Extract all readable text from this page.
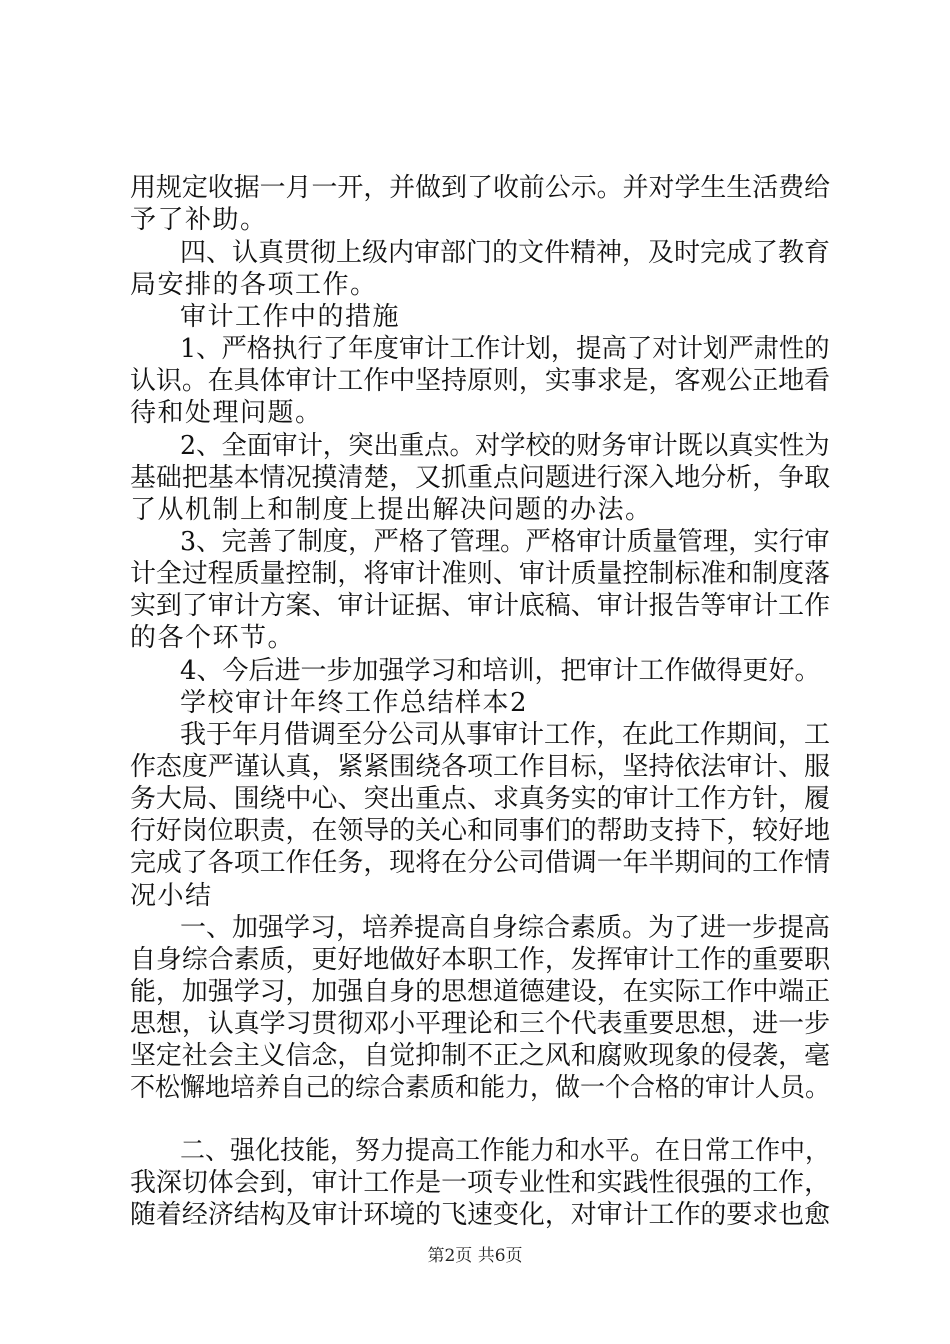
用规定收据一月一开，并做到了收前公示。并对学生生活费给
予了补助。
四、认真贯彻上级内审部门的文件精神，及时完成了教育
局安排的各项工作。
审计工作中的措施
1、严格执行了年度审计工作计划，提高了对计划严肃性的
认识。在具体审计工作中坚持原则，实事求是，客观公正地看
待和处理问题。
2、全面审计，突出重点。对学校的财务审计既以真实性为
基础把基本情况摸清楚，又抓重点问题进行深入地分析，争取
了从机制上和制度上提出解决问题的办法。
3、完善了制度，严格了管理。严格审计质量管理，实行审
计全过程质量控制，将审计准则、审计质量控制标准和制度落
实到了审计方案、审计证据、审计底稿、审计报告等审计工作
的各个环节。
4、今后进一步加强学习和培训，把审计工作做得更好。
学校审计年终工作总结样本2
我于年月借调至分公司从事审计工作，在此工作期间，工
作态度严谨认真，紧紧围绕各项工作目标，坚持依法审计、服
务大局、围绕中心、突出重点、求真务实的审计工作方针，履
行好岗位职责，在领导的关心和同事们的帮助支持下，较好地
完成了各项工作任务，现将在分公司借调一年半期间的工作情
况小结
一、加强学习，培养提高自身综合素质。为了进一步提高
自身综合素质，更好地做好本职工作，发挥审计工作的重要职
能，加强学习，加强自身的思想道德建设，在实际工作中端正
思想，认真学习贯彻邓小平理论和三个代表重要思想，进一步
坚定社会主义信念，自觉抑制不正之风和腐败现象的侵袭，毫
不松懈地培养自己的综合素质和能力，做一个合格的审计人员。
二、强化技能，努力提高工作能力和水平。在日常工作中，
我深切体会到，审计工作是一项专业性和实践性很强的工作，
随着经济结构及审计环境的飞速变化，对审计工作的要求也愈
第2页 共6页
